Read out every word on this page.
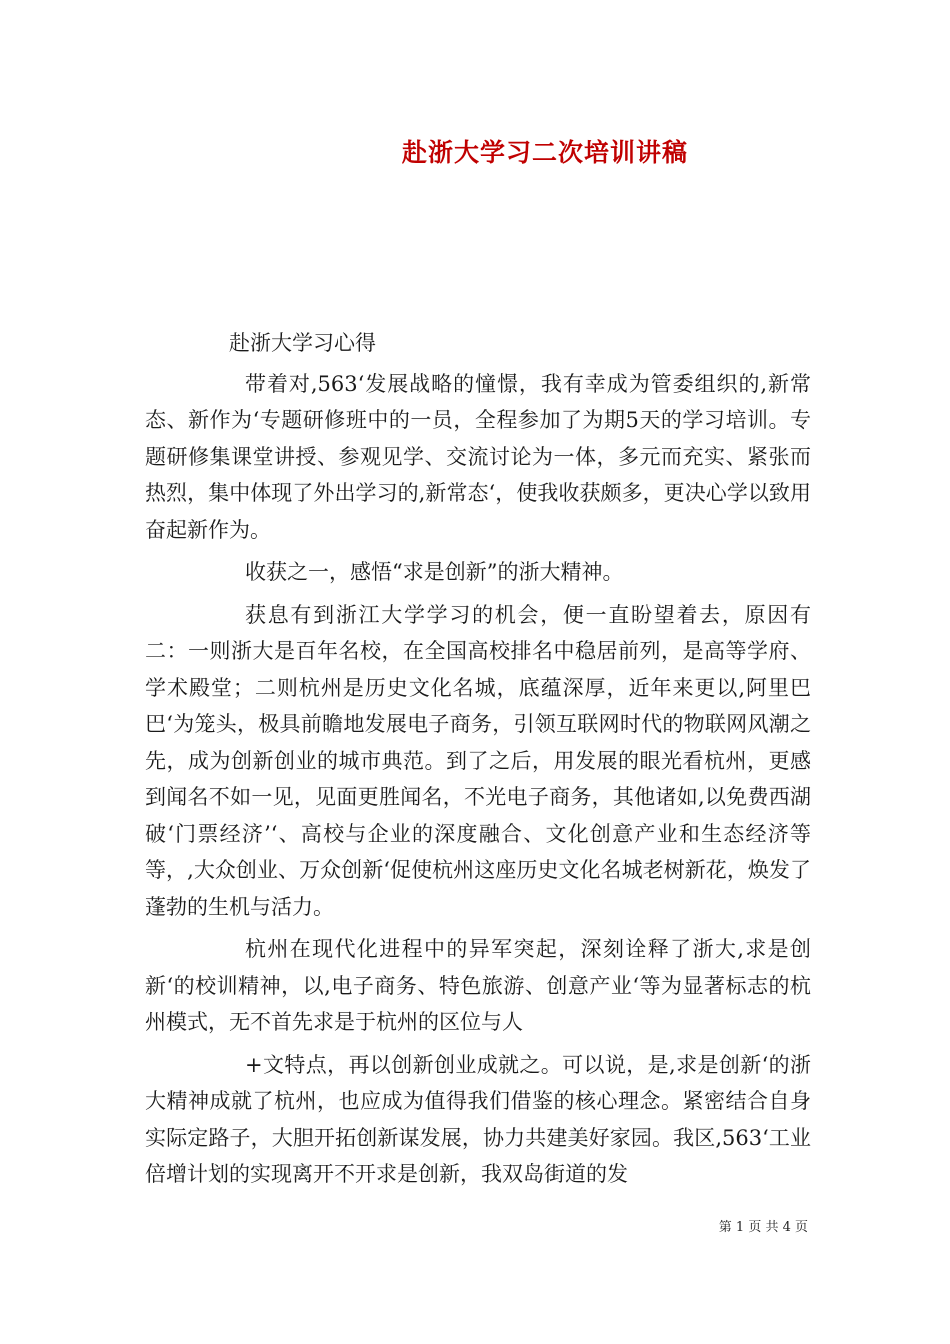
赴浙大学习二次培训讲稿

赴浙大学习心得

带着对,563‘发展战略的憧憬，我有幸成为管委组织的,新常态、新作为‘专题研修班中的一员，全程参加了为期5天的学习培训。专题研修集课堂讲授、参观见学、交流讨论为一体，多元而充实、紧张而热烈，集中体现了外出学习的,新常态‘，使我收获颇多，更决心学以致用奋起新作为。

收获之一，感悟“求是创新”的浙大精神。

获息有到浙江大学学习的机会，便一直盼望着去，原因有二：一则浙大是百年名校，在全国高校排名中稳居前列，是高等学府、学术殿堂；二则杭州是历史文化名城，底蕴深厚，近年来更以,阿里巴巴‘为笼头，极具前瞻地发展电子商务，引领互联网时代的物联网风潮之先，成为创新创业的城市典范。到了之后，用发展的眼光看杭州，更感到闻名不如一见，见面更胜闻名，不光电子商务，其他诸如,以免费西湖破‘门票经济’‘、高校与企业的深度融合、文化创意产业和生态经济等等，,大众创业、万众创新‘促使杭州这座历史文化名城老树新花，焕发了蓬勃的生机与活力。

杭州在现代化进程中的异军突起，深刻诠释了浙大,求是创新‘的校训精神，以,电子商务、特色旅游、创意产业‘等为显著标志的杭州模式，无不首先求是于杭州的区位与人

+文特点，再以创新创业成就之。可以说，是,求是创新‘的浙大精神成就了杭州，也应成为值得我们借鉴的核心理念。紧密结合自身实际定路子，大胆开拓创新谋发展，协力共建美好家园。我区,563‘工业倍增计划的实现离开不开求是创新，我双岛街道的发

第 1 页 共 4 页
